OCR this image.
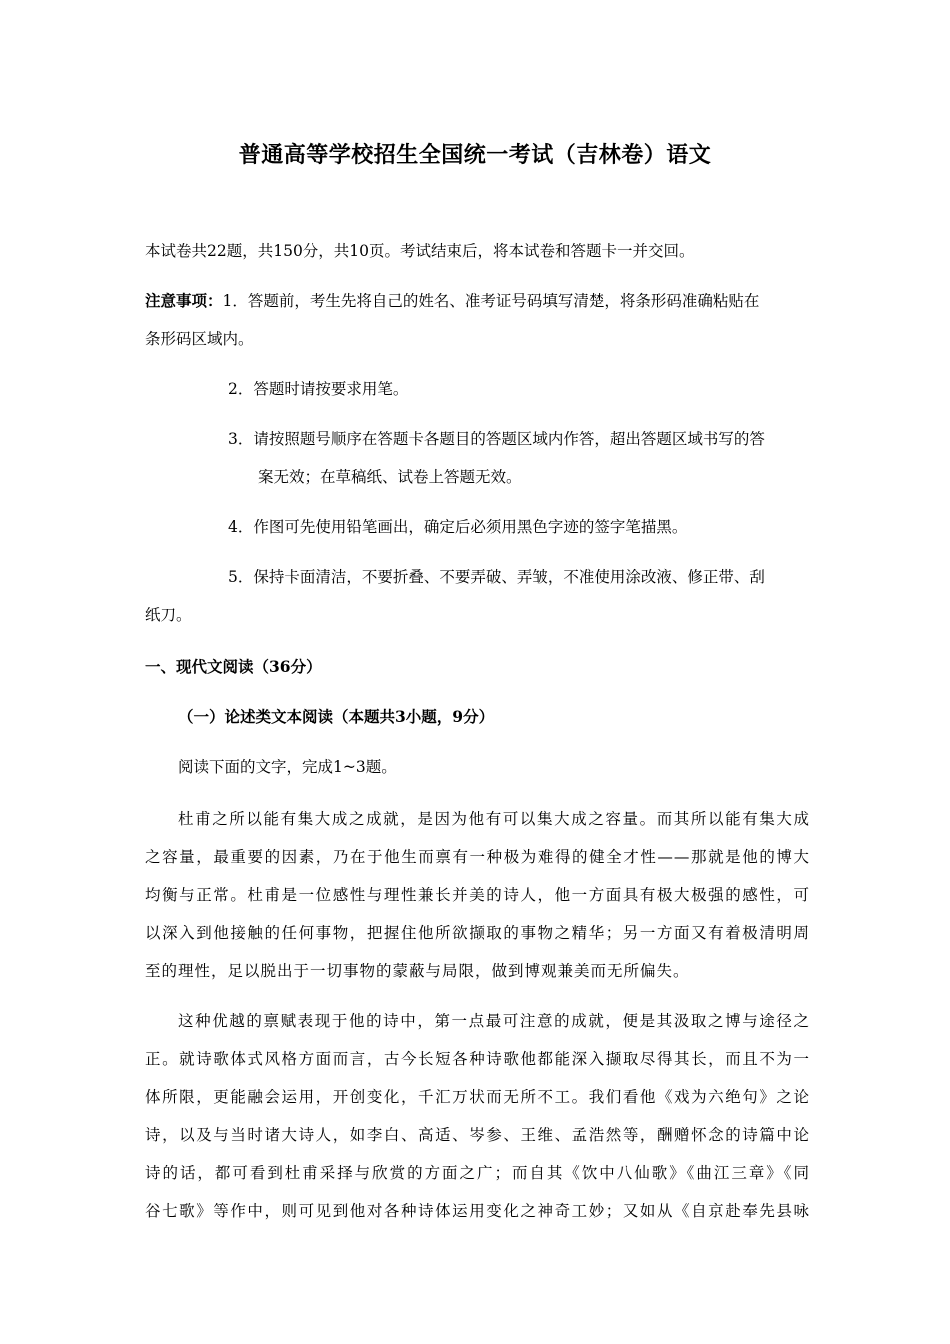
普通高等学校招生全国统一考试（吉林卷）语文
本试卷共22题，共150分，共10页。考试结束后，将本试卷和答题卡一并交回。
注意事项：1．答题前，考生先将自己的姓名、准考证号码填写清楚，将条形码准确粘贴在
条形码区域内。
2．答题时请按要求用笔。
3．请按照题号顺序在答题卡各题目的答题区域内作答，超出答题区域书写的答
案无效；在草稿纸、试卷上答题无效。
4．作图可先使用铅笔画出，确定后必须用黑色字迹的签字笔描黑。
5．保持卡面清洁，不要折叠、不要弄破、弄皱，不准使用涂改液、修正带、刮
纸刀。
一、现代文阅读（36分）
（一）论述类文本阅读（本题共3小题，9分）
阅读下面的文字，完成1~3题。
杜甫之所以能有集大成之成就，是因为他有可以集大成之容量。而其所以能有集大成
之容量，最重要的因素，乃在于他生而禀有一种极为难得的健全才性——那就是他的博大
均衡与正常。杜甫是一位感性与理性兼长并美的诗人，他一方面具有极大极强的感性，可
以深入到他接触的任何事物，把握住他所欲撷取的事物之精华；另一方面又有着极清明周
至的理性，足以脱出于一切事物的蒙蔽与局限，做到博观兼美而无所偏失。
这种优越的禀赋表现于他的诗中，第一点最可注意的成就，便是其汲取之博与途径之
正。就诗歌体式风格方面而言，古今长短各种诗歌他都能深入撷取尽得其长，而且不为一
体所限，更能融会运用，开创变化，千汇万状而无所不工。我们看他《戏为六绝句》之论
诗，以及与当时诸大诗人，如李白、高适、岑参、王维、孟浩然等，酬赠怀念的诗篇中论
诗的话，都可看到杜甫采择与欣赏的方面之广；而自其《饮中八仙歌》《曲江三章》《同
谷七歌》等作中，则可见到他对各种诗体运用变化之神奇工妙；又如从《自京赴奉先县咏
